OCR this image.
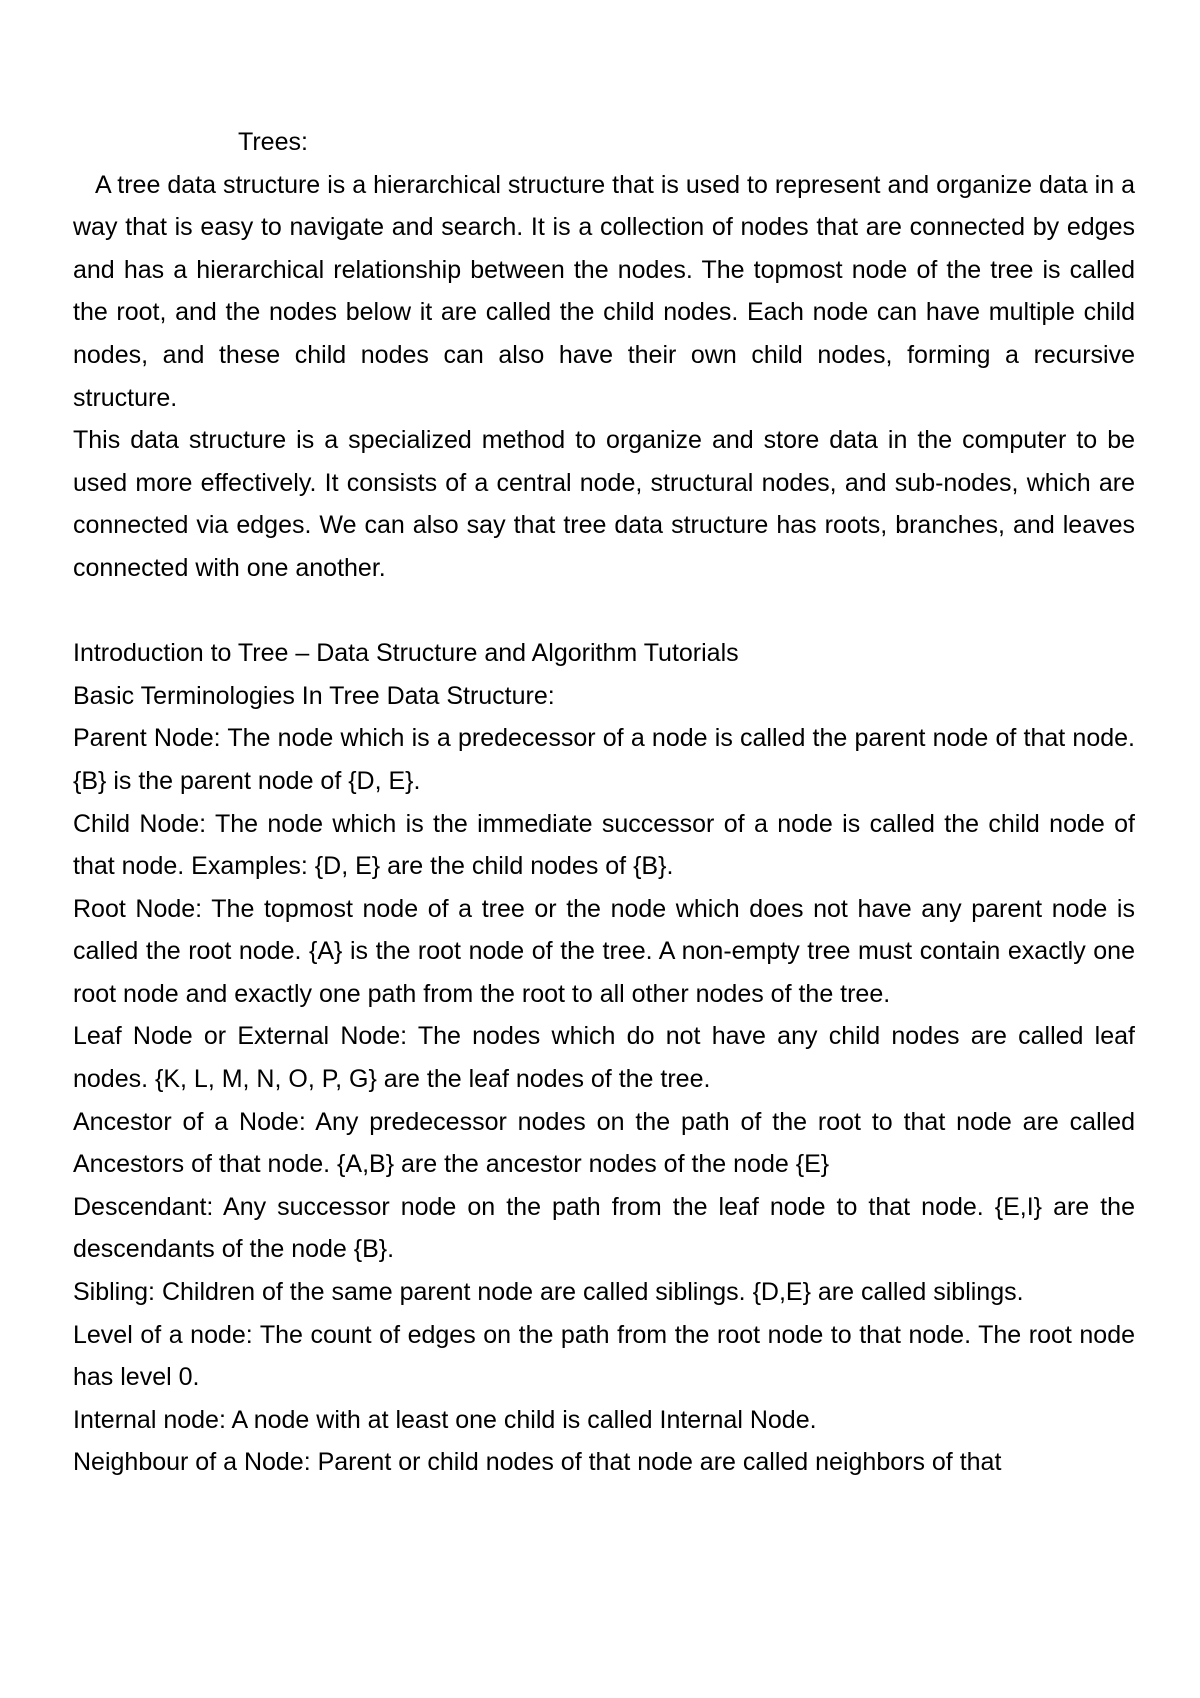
Trees:

A tree data structure is a hierarchical structure that is used to represent and organize data in a way that is easy to navigate and search. It is a collection of nodes that are connected by edges and has a hierarchical relationship between the nodes. The topmost node of the tree is called the root, and the nodes below it are called the child nodes. Each node can have multiple child nodes, and these child nodes can also have their own child nodes, forming a recursive structure.

This data structure is a specialized method to organize and store data in the computer to be used more effectively. It consists of a central node, structural nodes, and sub-nodes, which are connected via edges. We can also say that tree data structure has roots, branches, and leaves connected with one another.

Introduction to Tree – Data Structure and Algorithm Tutorials

Basic Terminologies In Tree Data Structure:

Parent Node: The node which is a predecessor of a node is called the parent node of that node. {B} is the parent node of {D, E}.

Child Node: The node which is the immediate successor of a node is called the child node of that node. Examples: {D, E} are the child nodes of {B}.

Root Node: The topmost node of a tree or the node which does not have any parent node is called the root node. {A} is the root node of the tree. A non-empty tree must contain exactly one root node and exactly one path from the root to all other nodes of the tree.

Leaf Node or External Node: The nodes which do not have any child nodes are called leaf nodes. {K, L, M, N, O, P, G} are the leaf nodes of the tree.

Ancestor of a Node: Any predecessor nodes on the path of the root to that node are called Ancestors of that node. {A,B} are the ancestor nodes of the node {E}

Descendant: Any successor node on the path from the leaf node to that node. {E,I} are the descendants of the node {B}.

Sibling: Children of the same parent node are called siblings. {D,E} are called siblings.

Level of a node: The count of edges on the path from the root node to that node. The root node has level 0.

Internal node: A node with at least one child is called Internal Node.

Neighbour of a Node: Parent or child nodes of that node are called neighbors of that
